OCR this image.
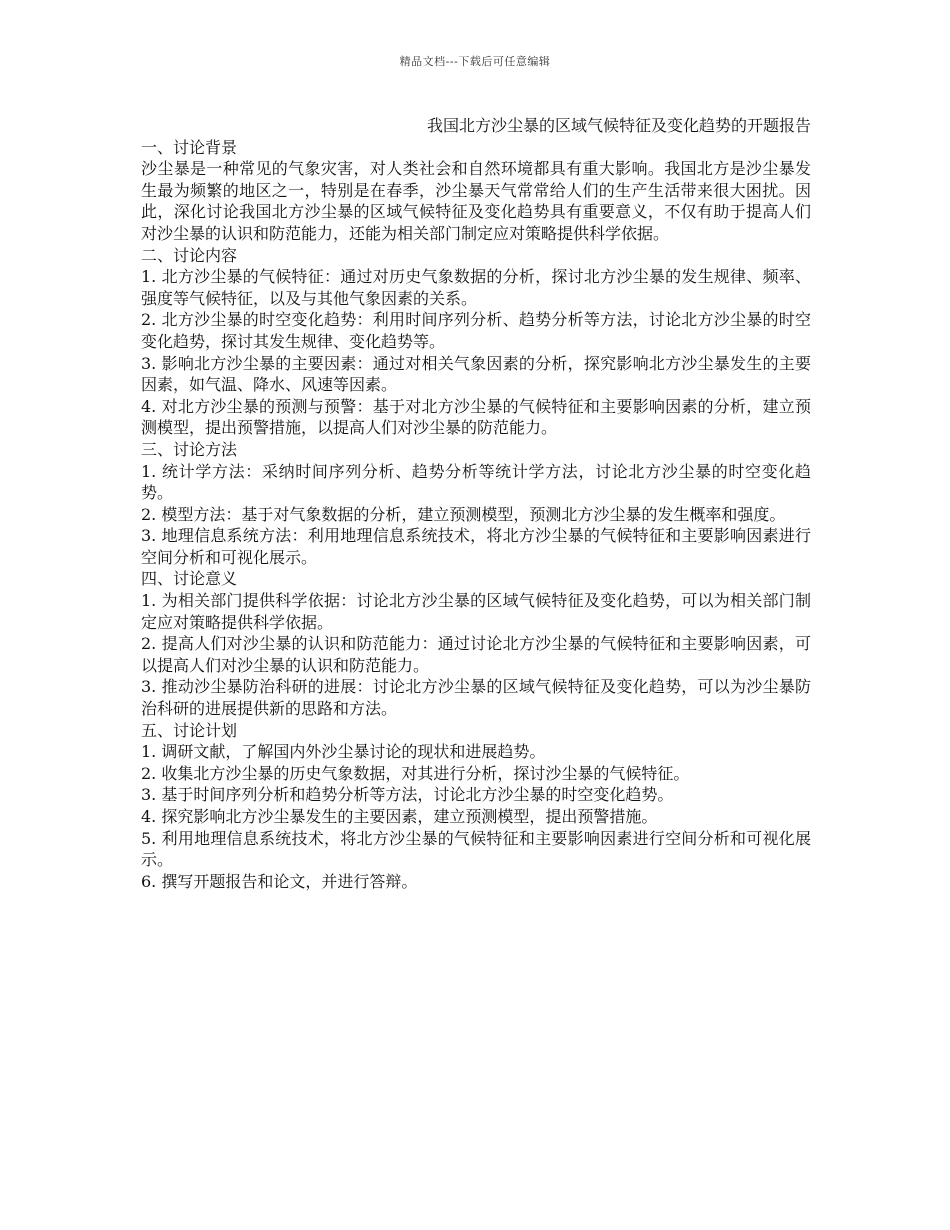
精品文档---下载后可任意编辑
我国北方沙尘暴的区域气候特征及变化趋势的开题报告
一、讨论背景

沙尘暴是一种常见的气象灾害，对人类社会和自然环境都具有重大影响。我国北方是沙尘暴发生最为频繁的地区之一，特别是在春季，沙尘暴天气常常给人们的生产生活带来很大困扰。因此，深化讨论我国北方沙尘暴的区域气候特征及变化趋势具有重要意义，不仅有助于提高人们对沙尘暴的认识和防范能力，还能为相关部门制定应对策略提供科学依据。

二、讨论内容

1. 北方沙尘暴的气候特征：通过对历史气象数据的分析，探讨北方沙尘暴的发生规律、频率、强度等气候特征，以及与其他气象因素的关系。

2. 北方沙尘暴的时空变化趋势：利用时间序列分析、趋势分析等方法，讨论北方沙尘暴的时空变化趋势，探讨其发生规律、变化趋势等。

3. 影响北方沙尘暴的主要因素：通过对相关气象因素的分析，探究影响北方沙尘暴发生的主要因素，如气温、降水、风速等因素。

4. 对北方沙尘暴的预测与预警：基于对北方沙尘暴的气候特征和主要影响因素的分析，建立预测模型，提出预警措施，以提高人们对沙尘暴的防范能力。

三、讨论方法

1. 统计学方法：采纳时间序列分析、趋势分析等统计学方法，讨论北方沙尘暴的时空变化趋势。

2. 模型方法：基于对气象数据的分析，建立预测模型，预测北方沙尘暴的发生概率和强度。

3. 地理信息系统方法：利用地理信息系统技术，将北方沙尘暴的气候特征和主要影响因素进行空间分析和可视化展示。

四、讨论意义

1. 为相关部门提供科学依据：讨论北方沙尘暴的区域气候特征及变化趋势，可以为相关部门制定应对策略提供科学依据。

2. 提高人们对沙尘暴的认识和防范能力：通过讨论北方沙尘暴的气候特征和主要影响因素，可以提高人们对沙尘暴的认识和防范能力。

3. 推动沙尘暴防治科研的进展：讨论北方沙尘暴的区域气候特征及变化趋势，可以为沙尘暴防治科研的进展提供新的思路和方法。

五、讨论计划

1. 调研文献，了解国内外沙尘暴讨论的现状和进展趋势。

2. 收集北方沙尘暴的历史气象数据，对其进行分析，探讨沙尘暴的气候特征。

3. 基于时间序列分析和趋势分析等方法，讨论北方沙尘暴的时空变化趋势。

4. 探究影响北方沙尘暴发生的主要因素，建立预测模型，提出预警措施。

5. 利用地理信息系统技术，将北方沙尘暴的气候特征和主要影响因素进行空间分析和可视化展示。

6. 撰写开题报告和论文，并进行答辩。
